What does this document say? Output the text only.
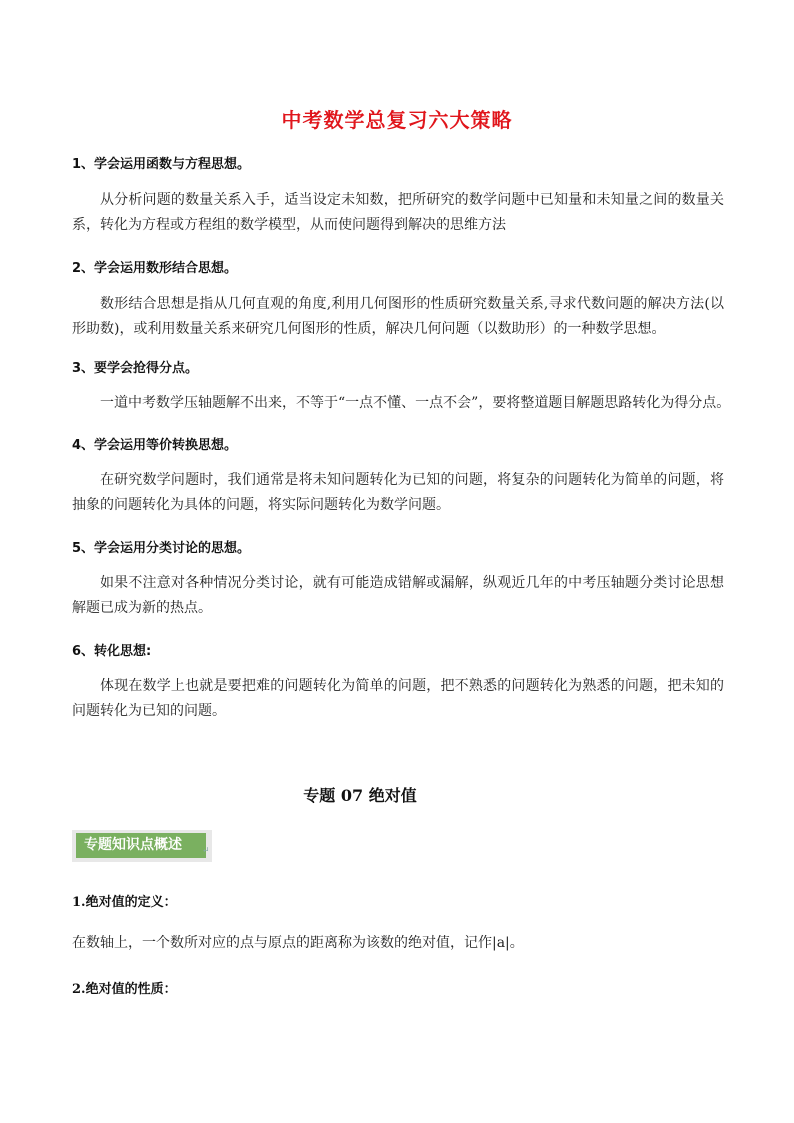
中考数学总复习六大策略
1、学会运用函数与方程思想。
从分析问题的数量关系入手，适当设定未知数，把所研究的数学问题中已知量和未知量之间的数量关系，转化为方程或方程组的数学模型，从而使问题得到解决的思维方法
2、学会运用数形结合思想。
数形结合思想是指从几何直观的角度,利用几何图形的性质研究数量关系,寻求代数问题的解决方法(以形助数)，或利用数量关系来研究几何图形的性质，解决几何问题（以数助形）的一种数学思想。
3、要学会抢得分点。
一道中考数学压轴题解不出来，不等于“一点不懂、一点不会”，要将整道题目解题思路转化为得分点。
4、学会运用等价转换思想。
在研究数学问题时，我们通常是将未知问题转化为已知的问题，将复杂的问题转化为简单的问题，将抽象的问题转化为具体的问题，将实际问题转化为数学问题。
5、学会运用分类讨论的思想。
如果不注意对各种情况分类讨论，就有可能造成错解或漏解，纵观近几年的中考压轴题分类讨论思想解题已成为新的热点。
6、转化思想:
体现在数学上也就是要把难的问题转化为简单的问题，把不熟悉的问题转化为熟悉的问题，把未知的问题转化为已知的问题。
专题 07 绝对值
专题知识点概述	↵
1.绝对值的定义：
在数轴上，一个数所对应的点与原点的距离称为该数的绝对值，记作|a|。
2.绝对值的性质：
